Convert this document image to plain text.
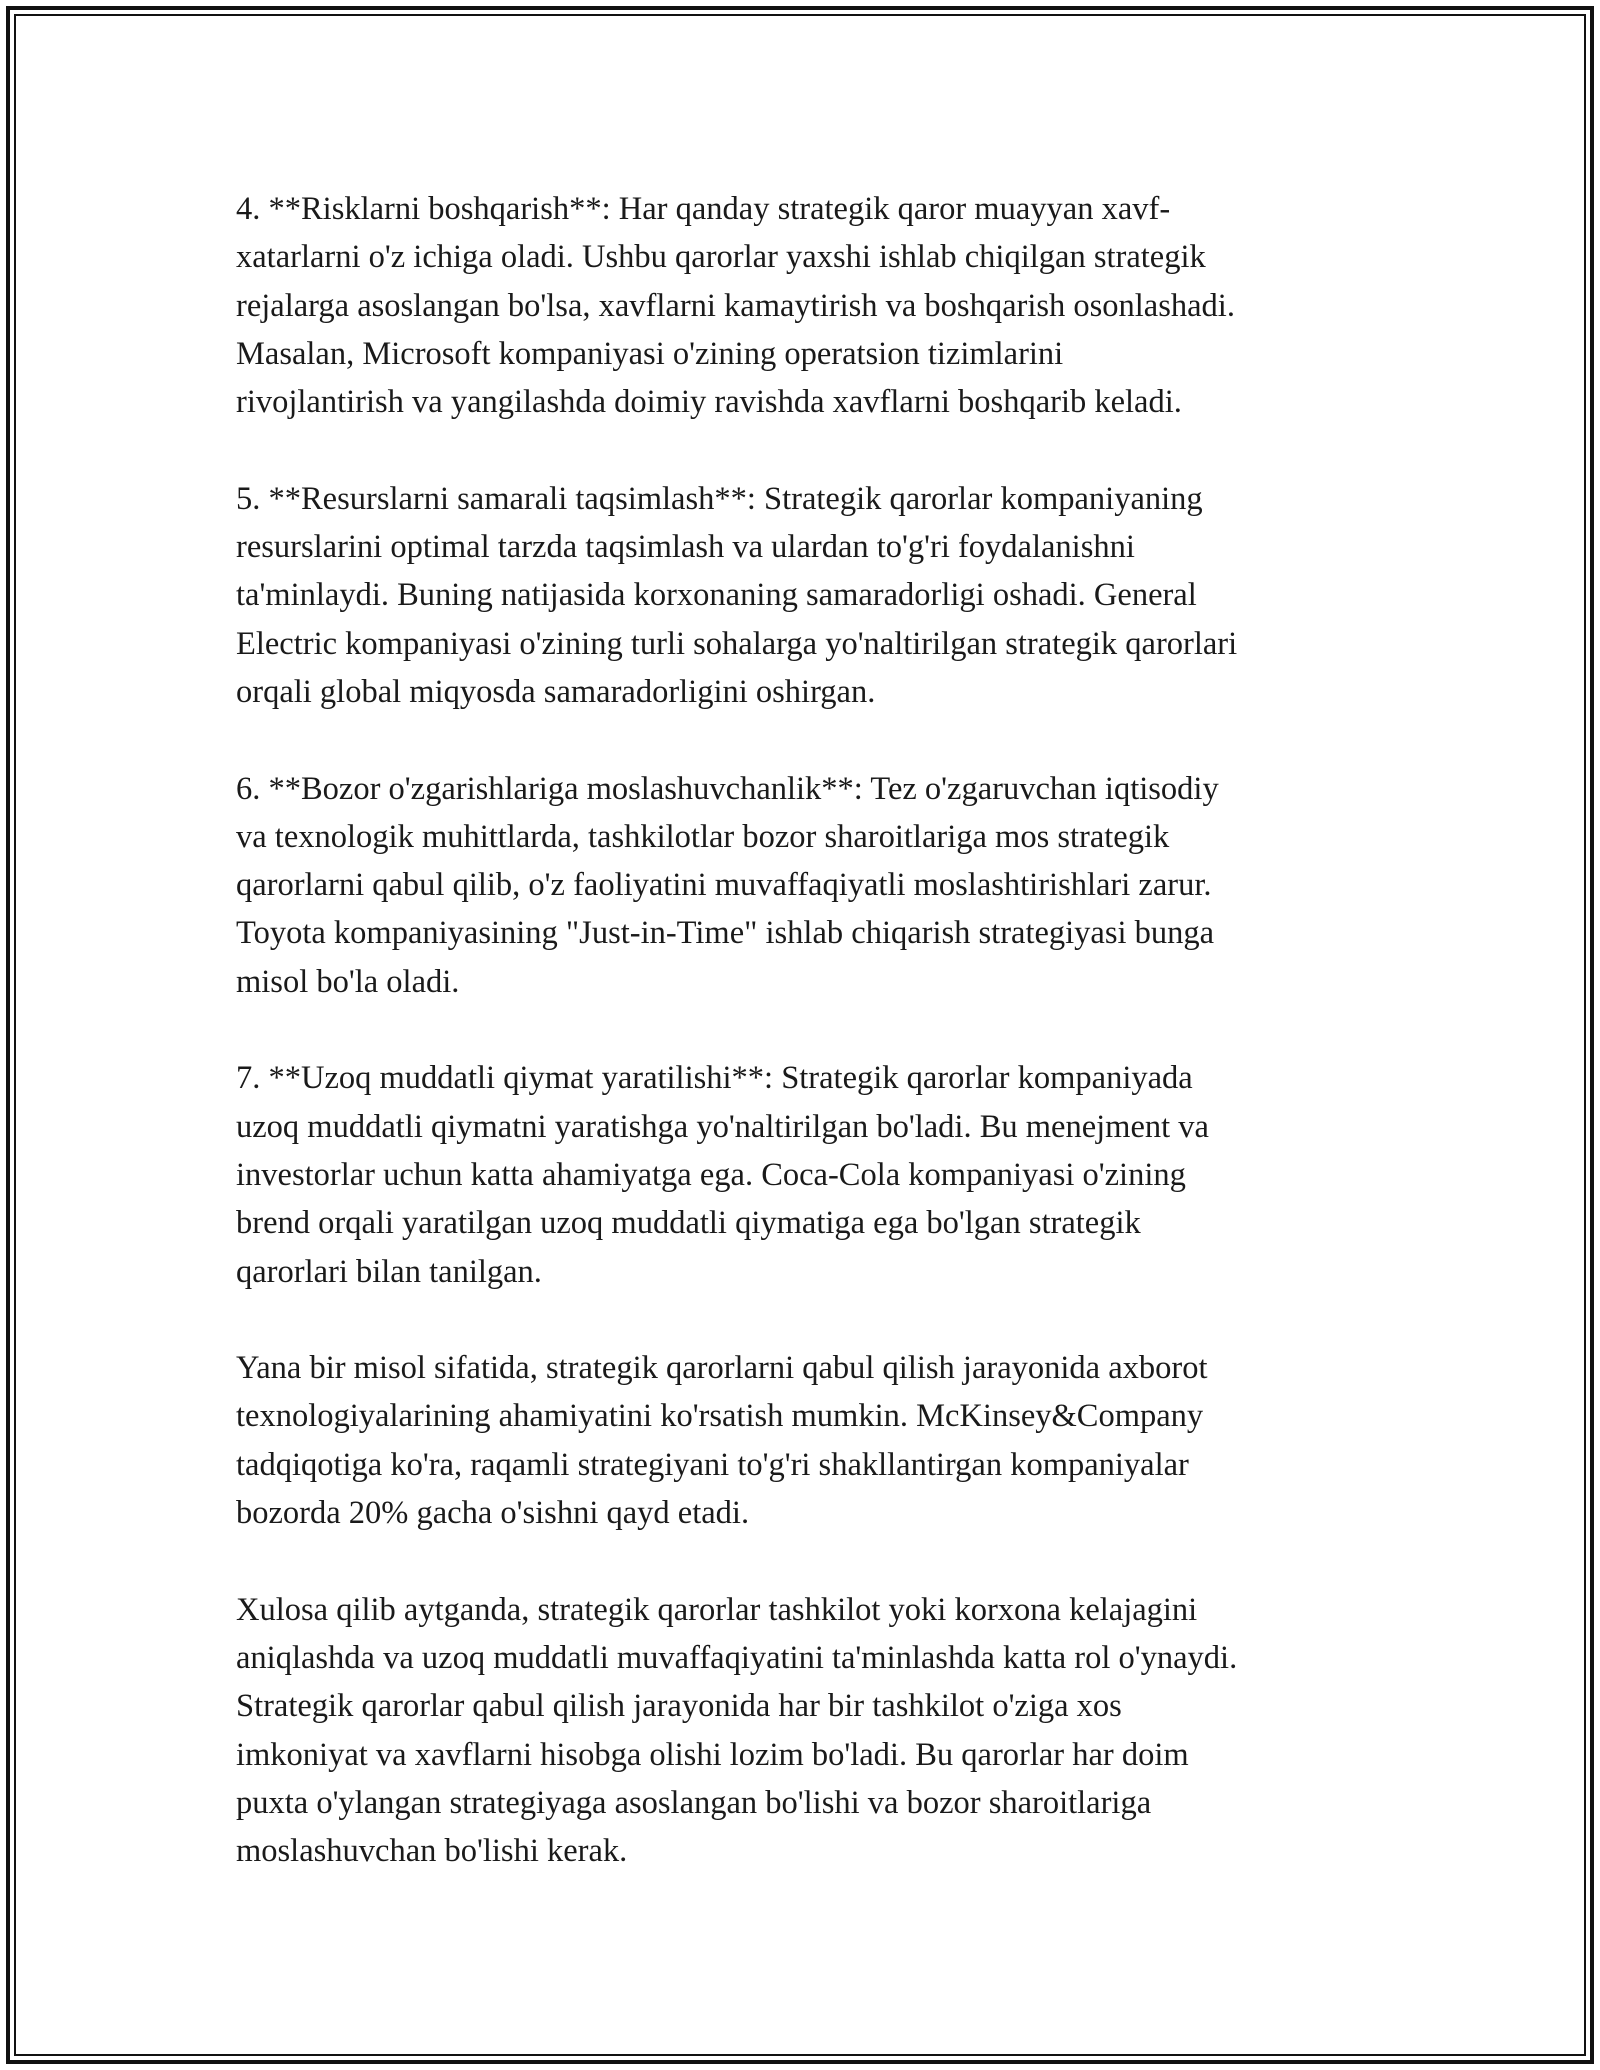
4. **Risklarni boshqarish**: Har qanday strategik qaror muayyan xavf-
xatarlarni o'z ichiga oladi. Ushbu qarorlar yaxshi ishlab chiqilgan strategik
rejalarga asoslangan bo'lsa, xavflarni kamaytirish va boshqarish osonlashadi.
Masalan, Microsoft kompaniyasi o'zining operatsion tizimlarini
rivojlantirish va yangilashda doimiy ravishda xavflarni boshqarib keladi.

5. **Resurslarni samarali taqsimlash**: Strategik qarorlar kompaniyaning
resurslarini optimal tarzda taqsimlash va ulardan to'g'ri foydalanishni
ta'minlaydi. Buning natijasida korxonaning samaradorligi oshadi. General
Electric kompaniyasi o'zining turli sohalarga yo'naltirilgan strategik qarorlari
orqali global miqyosda samaradorligini oshirgan.

6. **Bozor o'zgarishlariga moslashuvchanlik**: Tez o'zgaruvchan iqtisodiy
va texnologik muhittlarda, tashkilotlar bozor sharoitlariga mos strategik
qarorlarni qabul qilib, o'z faoliyatini muvaffaqiyatli moslashtirishlari zarur.
Toyota kompaniyasining "Just-in-Time" ishlab chiqarish strategiyasi bunga
misol bo'la oladi.

7. **Uzoq muddatli qiymat yaratilishi**: Strategik qarorlar kompaniyada
uzoq muddatli qiymatni yaratishga yo'naltirilgan bo'ladi. Bu menejment va
investorlar uchun katta ahamiyatga ega. Coca-Cola kompaniyasi o'zining
brend orqali yaratilgan uzoq muddatli qiymatiga ega bo'lgan strategik
qarorlari bilan tanilgan.

Yana bir misol sifatida, strategik qarorlarni qabul qilish jarayonida axborot
texnologiyalarining ahamiyatini ko'rsatish mumkin. McKinsey&Company
tadqiqotiga ko'ra, raqamli strategiyani to'g'ri shakllantirgan kompaniyalar
bozorda 20% gacha o'sishni qayd etadi.

Xulosa qilib aytganda, strategik qarorlar tashkilot yoki korxona kelajagini
aniqlashda va uzoq muddatli muvaffaqiyatini ta'minlashda katta rol o'ynaydi.
Strategik qarorlar qabul qilish jarayonida har bir tashkilot o'ziga xos
imkoniyat va xavflarni hisobga olishi lozim bo'ladi. Bu qarorlar har doim
puxta o'ylangan strategiyaga asoslangan bo'lishi va bozor sharoitlariga
moslashuvchan bo'lishi kerak.
